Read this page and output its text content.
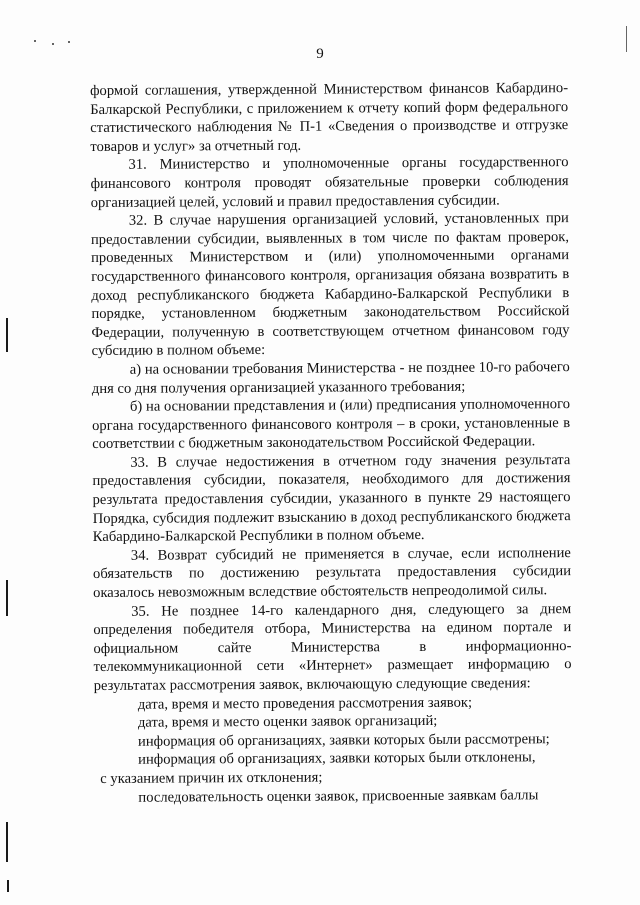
9

формой соглашения, утвержденной Министерством финансов Кабардино-Балкарской Республики, с приложением к отчету копий форм федерального статистического наблюдения № П-1 «Сведения о производстве и отгрузке товаров и услуг» за отчетный год.

31. Министерство и уполномоченные органы государственного финансового контроля проводят обязательные проверки соблюдения организацией целей, условий и правил предоставления субсидии.

32. В случае нарушения организацией условий, установленных при предоставлении субсидии, выявленных в том числе по фактам проверок, проведенных Министерством и (или) уполномоченными органами государственного финансового контроля, организация обязана возвратить в доход республиканского бюджета Кабардино-Балкарской Республики в порядке, установленном бюджетным законодательством Российской Федерации, полученную в соответствующем отчетном финансовом году субсидию в полном объеме:

а) на основании требования Министерства - не позднее 10-го рабочего дня со дня получения организацией указанного требования;

б) на основании представления и (или) предписания уполномоченного органа государственного финансового контроля – в сроки, установленные в соответствии с бюджетным законодательством Российской Федерации.

33. В случае недостижения в отчетном году значения результата предоставления субсидии, показателя, необходимого для достижения результата предоставления субсидии, указанного в пункте 29 настоящего Порядка, субсидия подлежит взысканию в доход республиканского бюджета Кабардино-Балкарской Республики в полном объеме.

34. Возврат субсидий не применяется в случае, если исполнение обязательств по достижению результата предоставления субсидии оказалось невозможным вследствие обстоятельств непреодолимой силы.

35. Не позднее 14-го календарного дня, следующего за днем определения победителя отбора, Министерства на едином портале и официальном сайте Министерства в информационно-телекоммуникационной сети «Интернет» размещает информацию о результатах рассмотрения заявок, включающую следующие сведения:

дата, время и место проведения рассмотрения заявок;

дата, время и место оценки заявок организаций;

информация об организациях, заявки которых были рассмотрены;

информация об организациях, заявки которых были отклонены,
с указанием причин их отклонения;

последовательность оценки заявок, присвоенные заявкам баллы
